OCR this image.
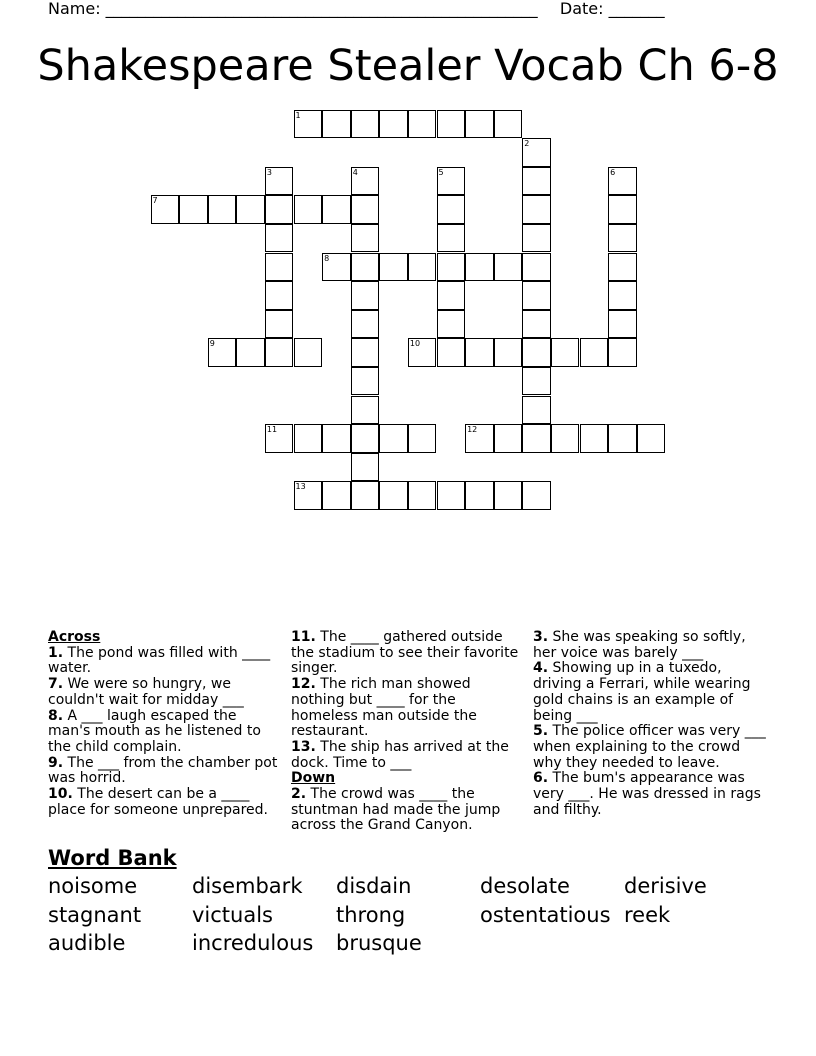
Name: ______________________________________________________ Date: _______
Shakespeare Stealer Vocab Ch 6-8
1
2
3	4	5	6
7
8
9	10
11	12
13
Across
1. The pond was filled with ____ water.
7. We were so hungry, we couldn't wait for midday ___
8. A ___ laugh escaped the man's mouth as he listened to the child complain.
9. The ___ from the chamber pot was horrid.
10. The desert can be a ____ place for someone unprepared.
11. The ____ gathered outside the stadium to see their favorite singer.
12. The rich man showed nothing but ____ for the homeless man outside the restaurant.
13. The ship has arrived at the dock. Time to ___
Down
2. The crowd was ____ the stuntman had made the jump across the Grand Canyon.
3. She was speaking so softly, her voice was barely ___
4. Showing up in a tuxedo, driving a Ferrari, while wearing gold chains is an example of being ___
5. The police officer was very ___ when explaining to the crowd why they needed to leave.
6. The bum's appearance was very ___. He was dressed in rags and filthy.
Word Bank
noisome	disembark	disdain	desolate	derisive
stagnant	victuals	throng	ostentatious reek
audible	incredulous	brusque
